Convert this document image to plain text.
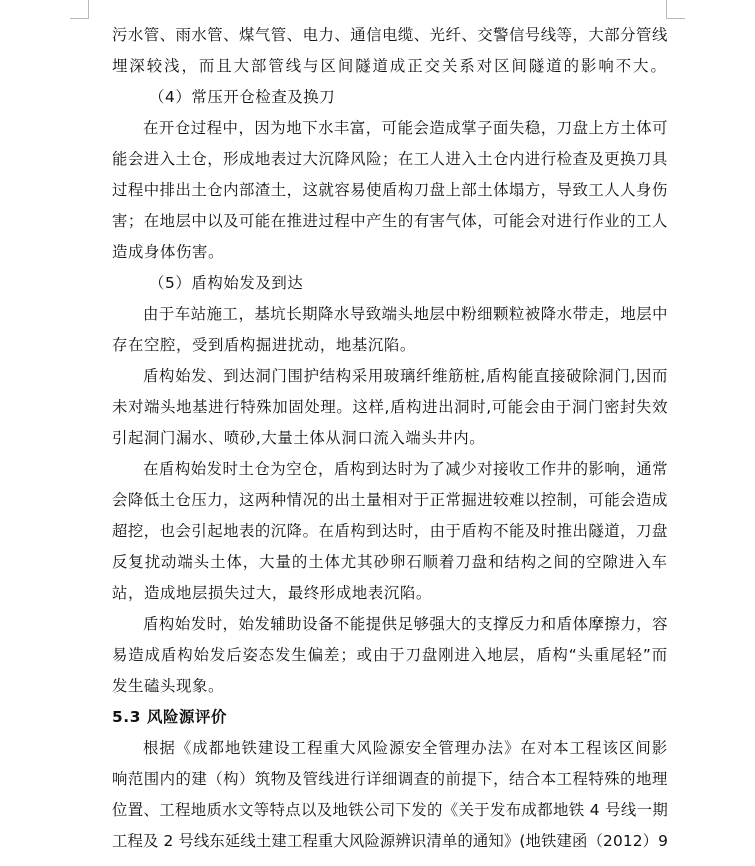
污水管、雨水管、煤气管、电力、通信电缆、光纤、交警信号线等，大部分管线
埋深较浅，而且大部管线与区间隧道成正交关系对区间隧道的影响不大。
（4）常压开仓检查及换刀
在开仓过程中，因为地下水丰富，可能会造成掌子面失稳，刀盘上方土体可
能会进入土仓，形成地表过大沉降风险；在工人进入土仓内进行检查及更换刀具
过程中排出土仓内部渣土，这就容易使盾构刀盘上部土体塌方，导致工人人身伤
害；在地层中以及可能在推进过程中产生的有害气体，可能会对进行作业的工人
造成身体伤害。
（5）盾构始发及到达
由于车站施工，基坑长期降水导致端头地层中粉细颗粒被降水带走，地层中
存在空腔，受到盾构掘进扰动，地基沉陷。
盾构始发、到达洞门围护结构采用玻璃纤维筋桩,盾构能直接破除洞门,因而
未对端头地基进行特殊加固处理。这样,盾构进出洞时,可能会由于洞门密封失效
引起洞门漏水、喷砂,大量土体从洞口流入端头井内。
在盾构始发时土仓为空仓，盾构到达时为了减少对接收工作井的影响，通常
会降低土仓压力，这两种情况的出土量相对于正常掘进较难以控制，可能会造成
超挖，也会引起地表的沉降。在盾构到达时，由于盾构不能及时推出隧道，刀盘
反复扰动端头土体，大量的土体尤其砂卵石顺着刀盘和结构之间的空隙进入车
站，造成地层损失过大，最终形成地表沉陷。
盾构始发时，始发辅助设备不能提供足够强大的支撑反力和盾体摩擦力，容
易造成盾构始发后姿态发生偏差；或由于刀盘刚进入地层，盾构“头重尾轻”而
发生磕头现象。
5.3 风险源评价
根据《成都地铁建设工程重大风险源安全管理办法》在对本工程该区间影
响范围内的建（构）筑物及管线进行详细调查的前提下，结合本工程特殊的地理
位置、工程地质水文等特点以及地铁公司下发的《关于发布成都地铁 4 号线一期
工程及 2 号线东延线土建工程重大风险源辨识清单的通知》(地铁建函（2012）9
